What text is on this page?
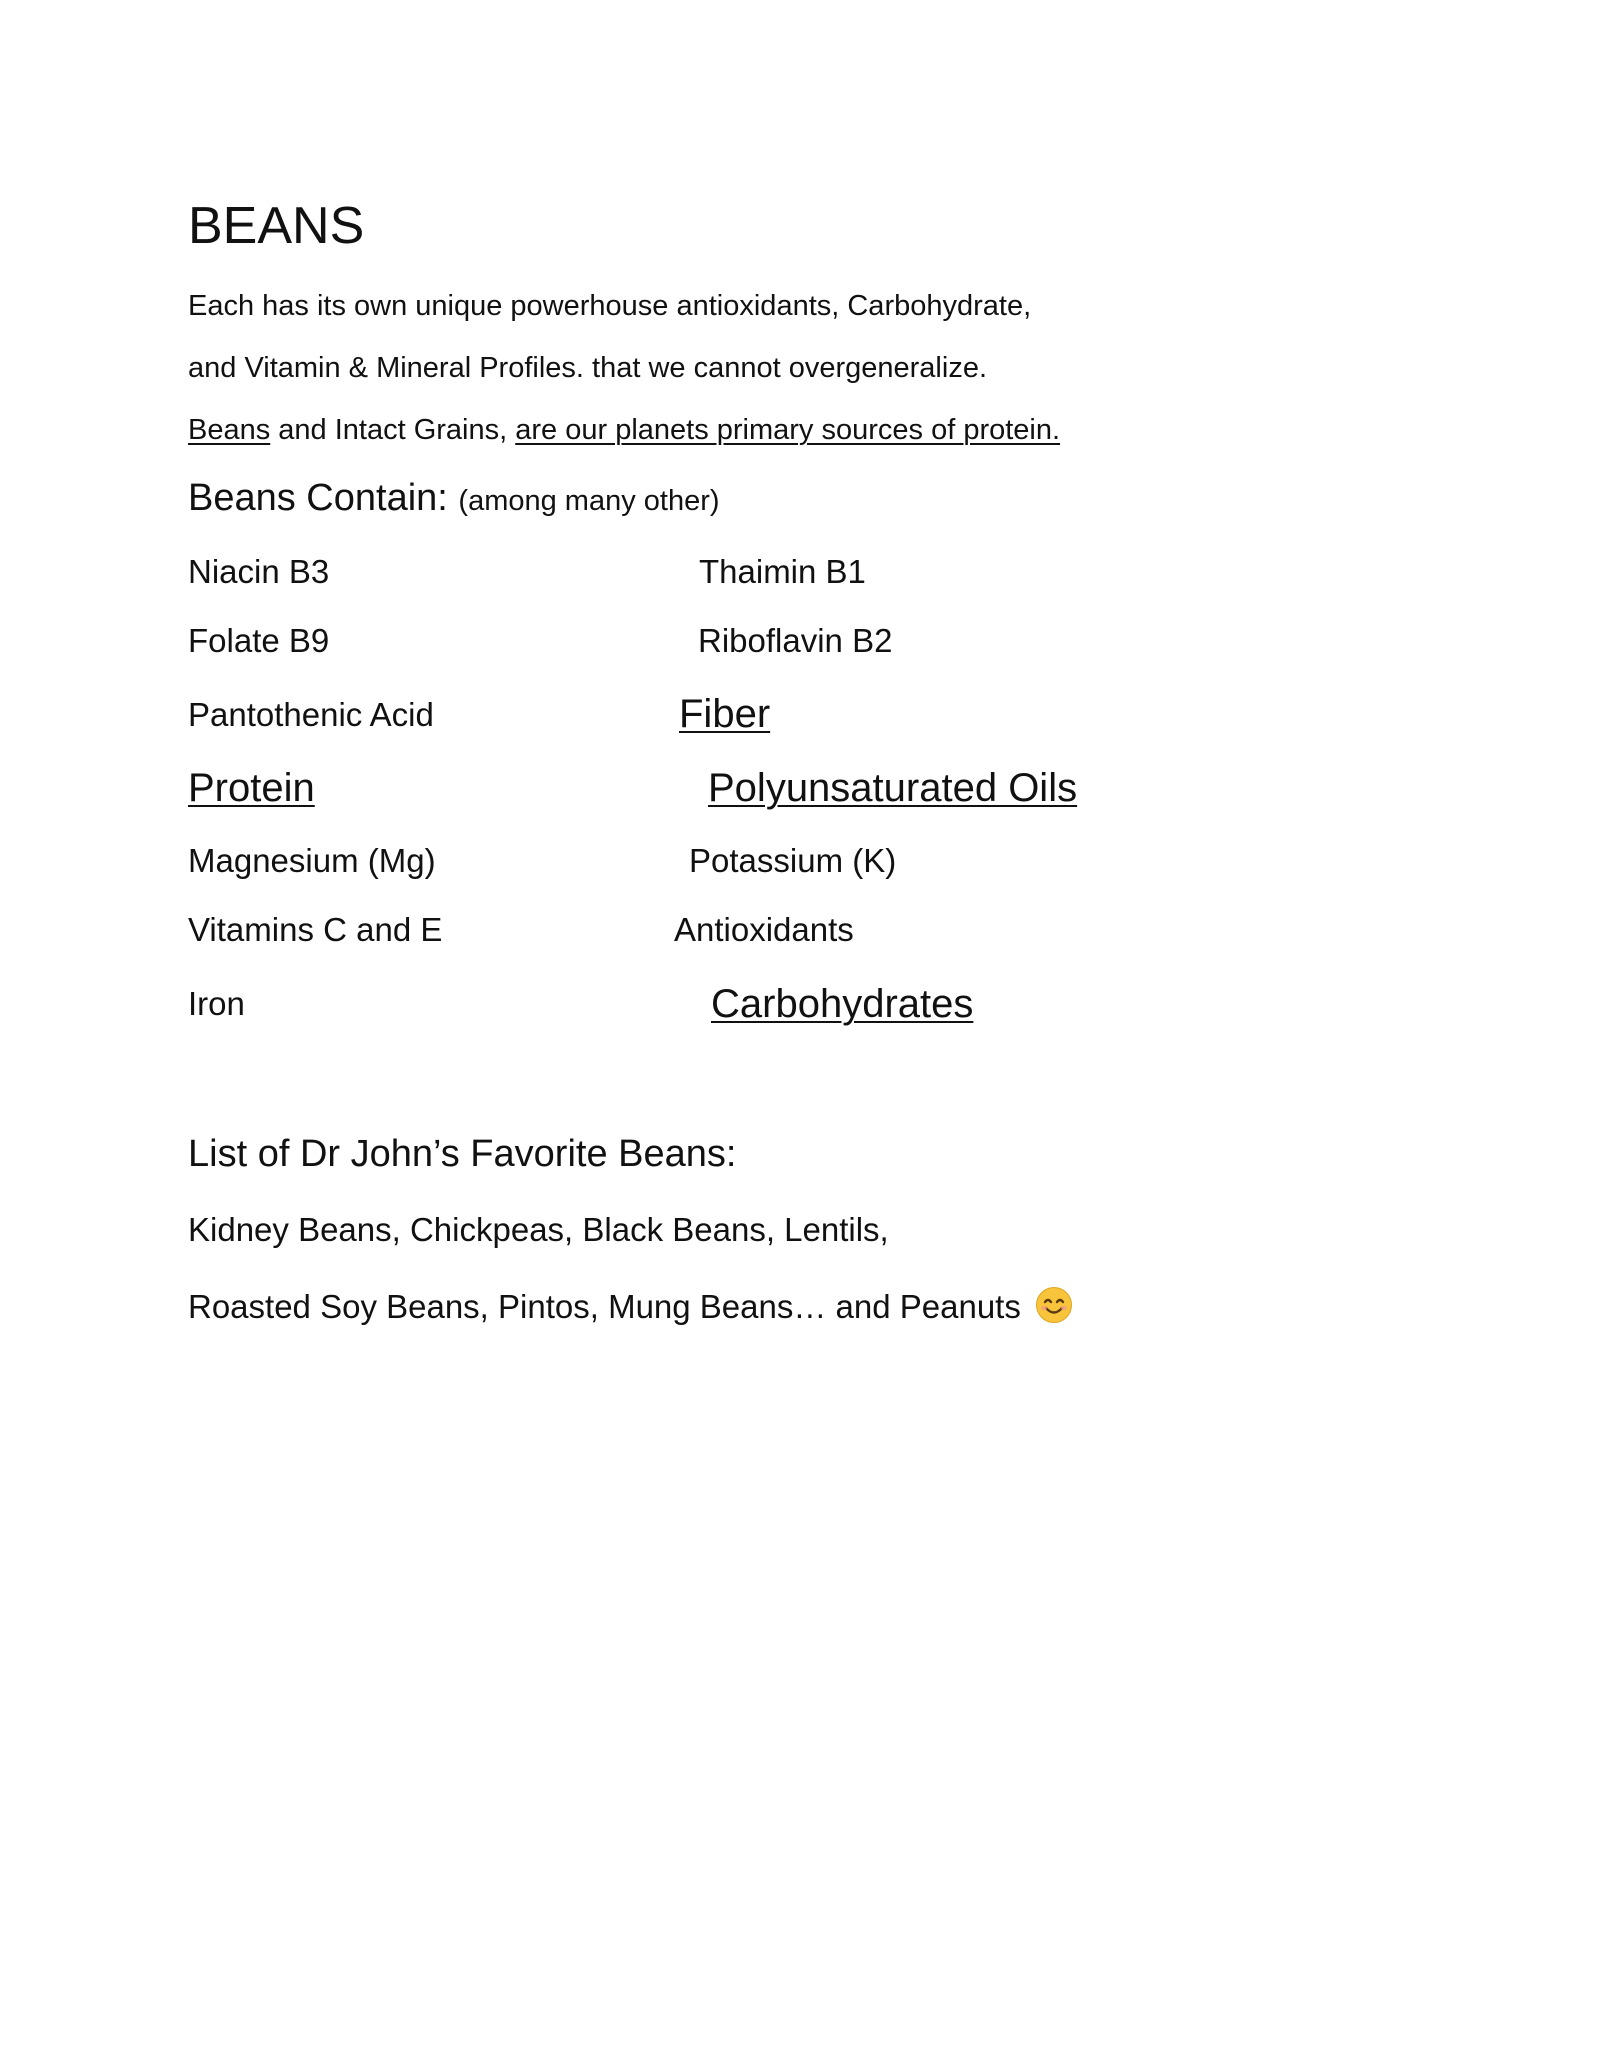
BEANS
Each has its own unique powerhouse antioxidants, Carbohydrate,
and Vitamin & Mineral Profiles. that we cannot overgeneralize.
Beans and Intact Grains, are our planets primary sources of protein.
Beans Contain: (among many other)
Niacin B3
Folate B9
Pantothenic Acid
Protein
Magnesium (Mg)
Vitamins C and E
Iron
Thaimin B1
Riboflavin B2
Fiber
Polyunsaturated Oils
Potassium (K)
Antioxidants
Carbohydrates
List of Dr John’s Favorite Beans:
Kidney Beans, Chickpeas, Black Beans, Lentils,
Roasted Soy Beans, Pintos, Mung Beans… and Peanuts
